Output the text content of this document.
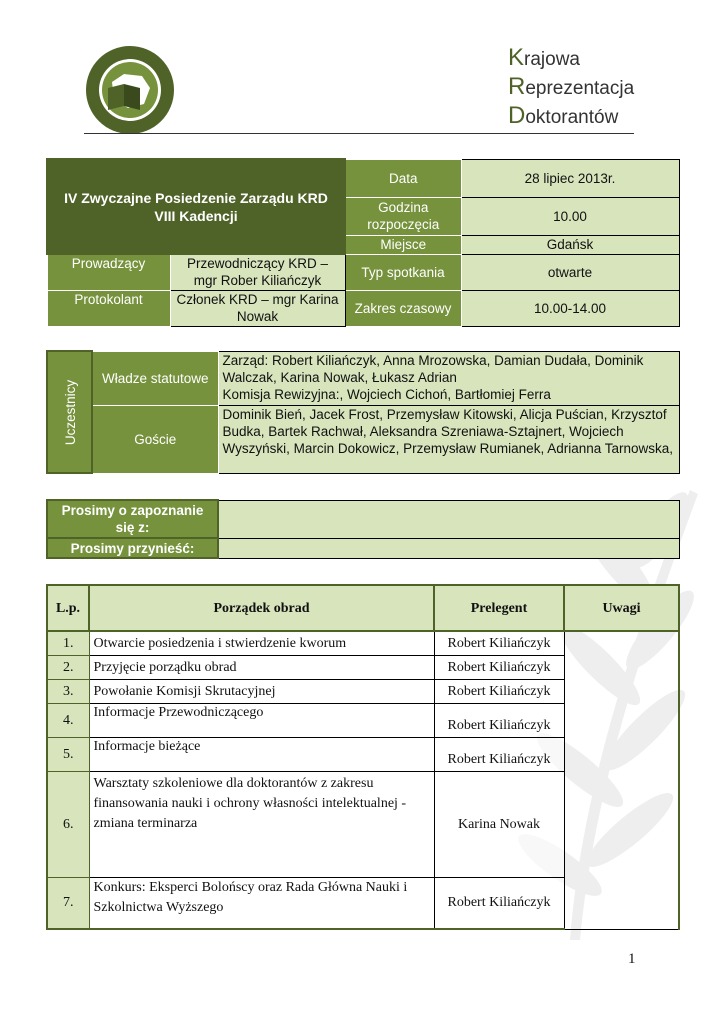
Krajowa
Reprezentacja
Doktorantów
IV Zwyczajne Posiedzenie Zarządu KRD VIII Kadencji		Data	28 lipiec 2013r.
		Godzina rozpoczęcia	10.00
		Miejsce	Gdańsk
Prowadzący	Przewodniczący KRD – mgr Rober Kiliańczyk	Typ spotkania	otwarte
Protokolant	Członek KRD – mgr Karina Nowak	Zakres czasowy	10.00-14.00
Uczestnicy	Władze statutowe	Zarząd: Robert Kiliańczyk, Anna Mrozowska, Damian Dudała, Dominik Walczak, Karina Nowak, Łukasz Adrian
Komisja Rewizyjna:, Wojciech Cichoń, Bartłomiej Ferra

	Goście	Dominik Bień, Jacek Frost, Przemysław Kitowski, Alicja Puścian, Krzysztof Budka, Bartek Rachwał, Aleksandra Szreniawa-Sztajnert, Wojciech Wyszyński, Marcin Dokowicz, Przemysław Rumianek, Adrianna Tarnowska,
Prosimy o zapoznanie się z:	
Prosimy przynieść:	
L.p.	Porządek obrad	Prelegent	Uwagi
1.	Otwarcie posiedzenia i stwierdzenie kworum	Robert Kiliańczyk	
2.	Przyjęcie porządku obrad	Robert Kiliańczyk	
3.	Powołanie Komisji Skrutacyjnej	Robert Kiliańczyk	
4.	Informacje Przewodniczącego	Robert Kiliańczyk	
5.	Informacje bieżące	Robert Kiliańczyk	
6.	Warsztaty szkoleniowe dla doktorantów z zakresu finansowania nauki i ochrony własności intelektualnej - zmiana terminarza	Karina Nowak	
7.	Konkurs: Eksperci Bolońscy oraz Rada Główna Nauki i Szkolnictwa Wyższego	Robert Kiliańczyk	
1
